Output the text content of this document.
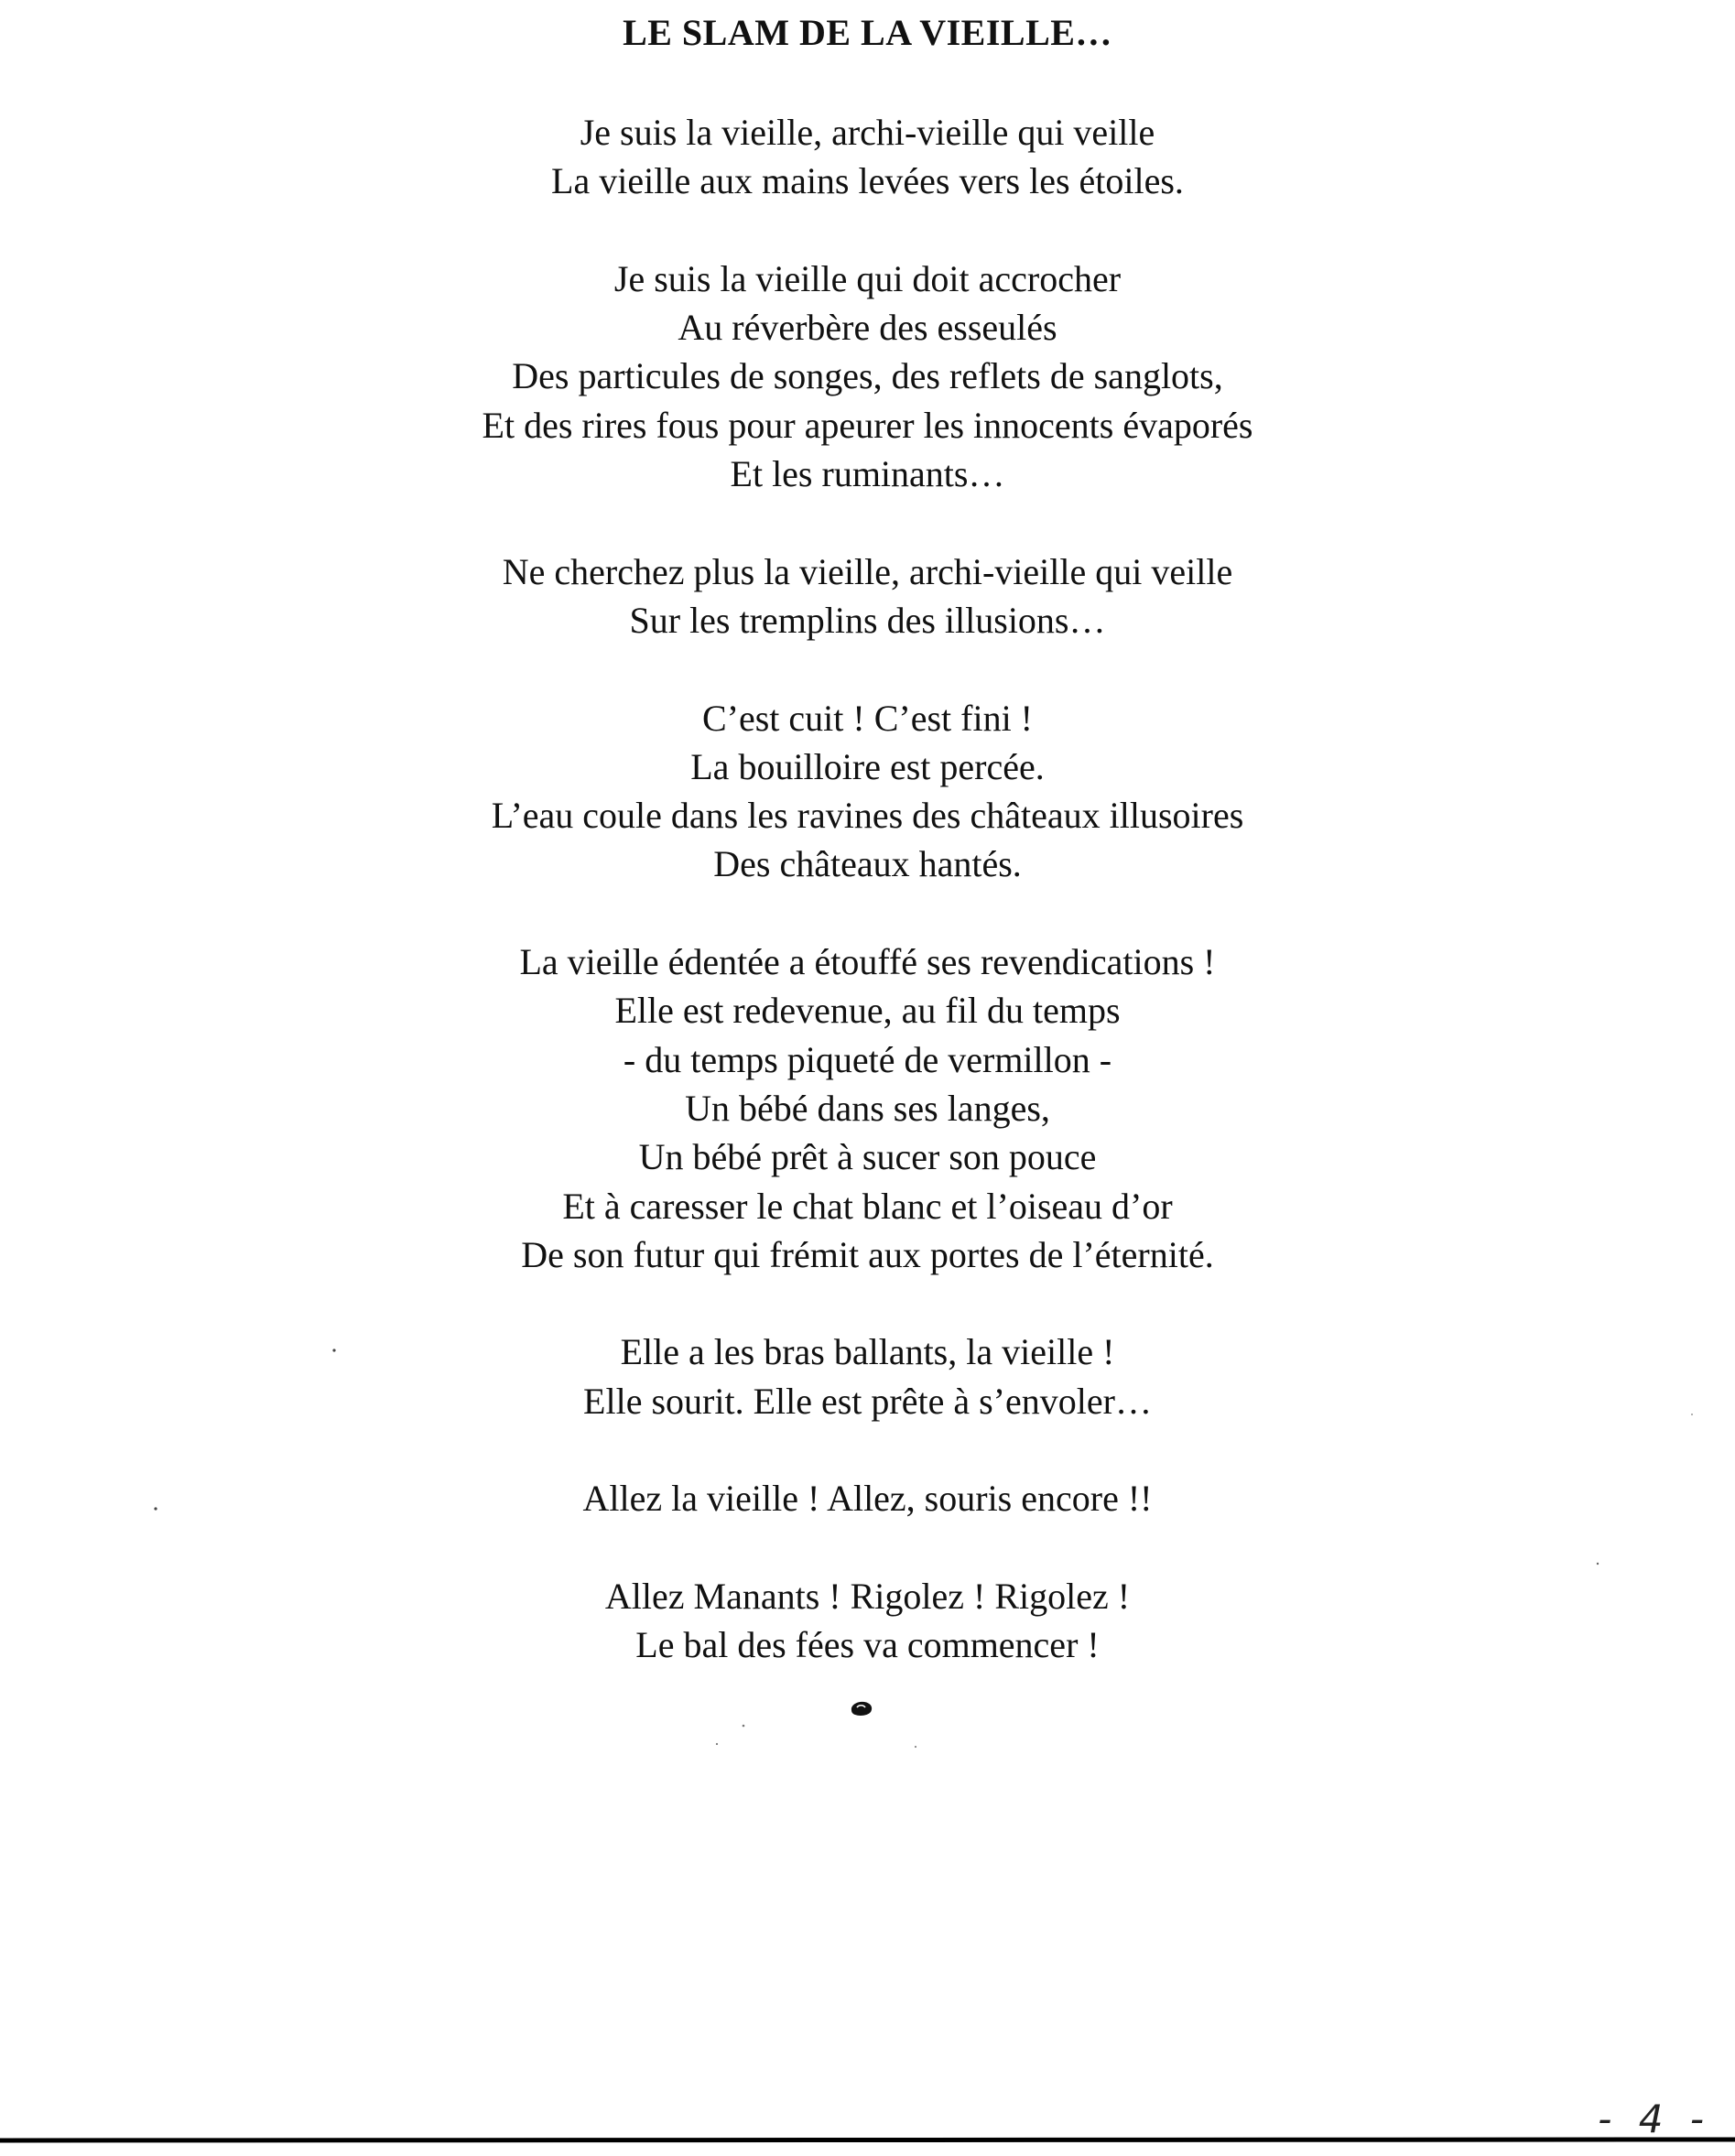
LE SLAM DE LA VIEILLE…
Je suis la vieille, archi-vieille qui veille
La vieille aux mains levées vers les étoiles.
Je suis la vieille qui doit accrocher
Au réverbère des esseulés
Des particules de songes, des reflets de sanglots,
Et des rires fous pour apeurer les innocents évaporés
Et les ruminants…
Ne cherchez plus la vieille, archi-vieille qui veille
Sur les tremplins des illusions…
C’est cuit ! C’est fini !
La bouilloire est percée.
L’eau coule dans les ravines des châteaux illusoires
Des châteaux hantés.
La vieille édentée a étouffé ses revendications !
Elle est redevenue, au fil du temps
- du temps piqueté de vermillon -
Un bébé dans ses langes,
Un bébé prêt à sucer son pouce
Et à caresser le chat blanc et l’oiseau d’or
De son futur qui frémit aux portes de l’éternité.
Elle a les bras ballants, la vieille !
Elle sourit. Elle est prête à s’envoler…
Allez la vieille ! Allez, souris encore !!
Allez Manants ! Rigolez ! Rigolez !
Le bal des fées va commencer !
- 4 -
